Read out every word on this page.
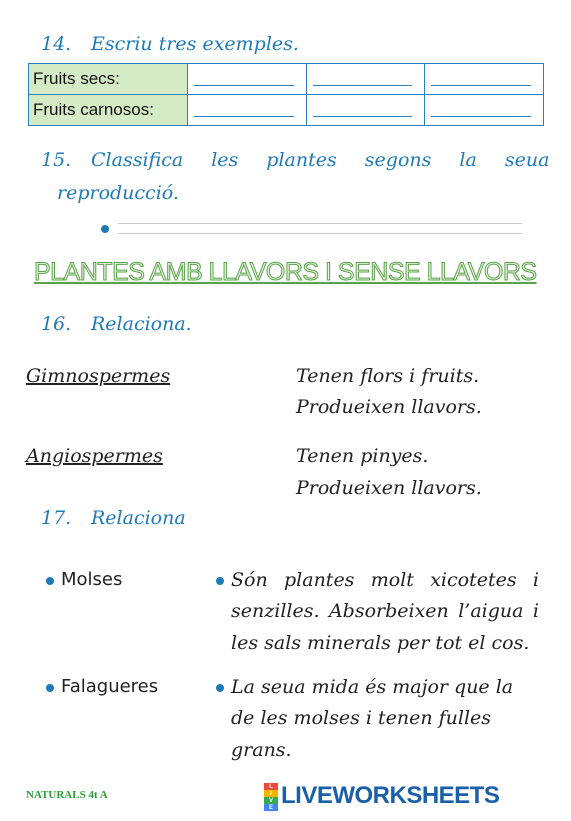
14. Escriu tres exemples.
Fruits secs:	

Fruits carnosos:	

15. Classifica les plantes segons la seua
reproducció.
PLANTES AMB LLAVORS I SENSE LLAVORS
16. Relaciona.
Gimnospermes	Tenen flors i fruits.
Produeixen llavors.
Angiospermes	Tenen pinyes.
Produeixen llavors.
17. Relaciona
Molses	Són plantes molt xicotetes i
senzilles. Absorbeixen l’aigua i
les sals minerals per tot el cos.
Falagueres	La seua mida és major que la
de les molses i tenen fulles
grans.
NATURALS 4t A
L
I
V
E LIVEWORKSHEETS
